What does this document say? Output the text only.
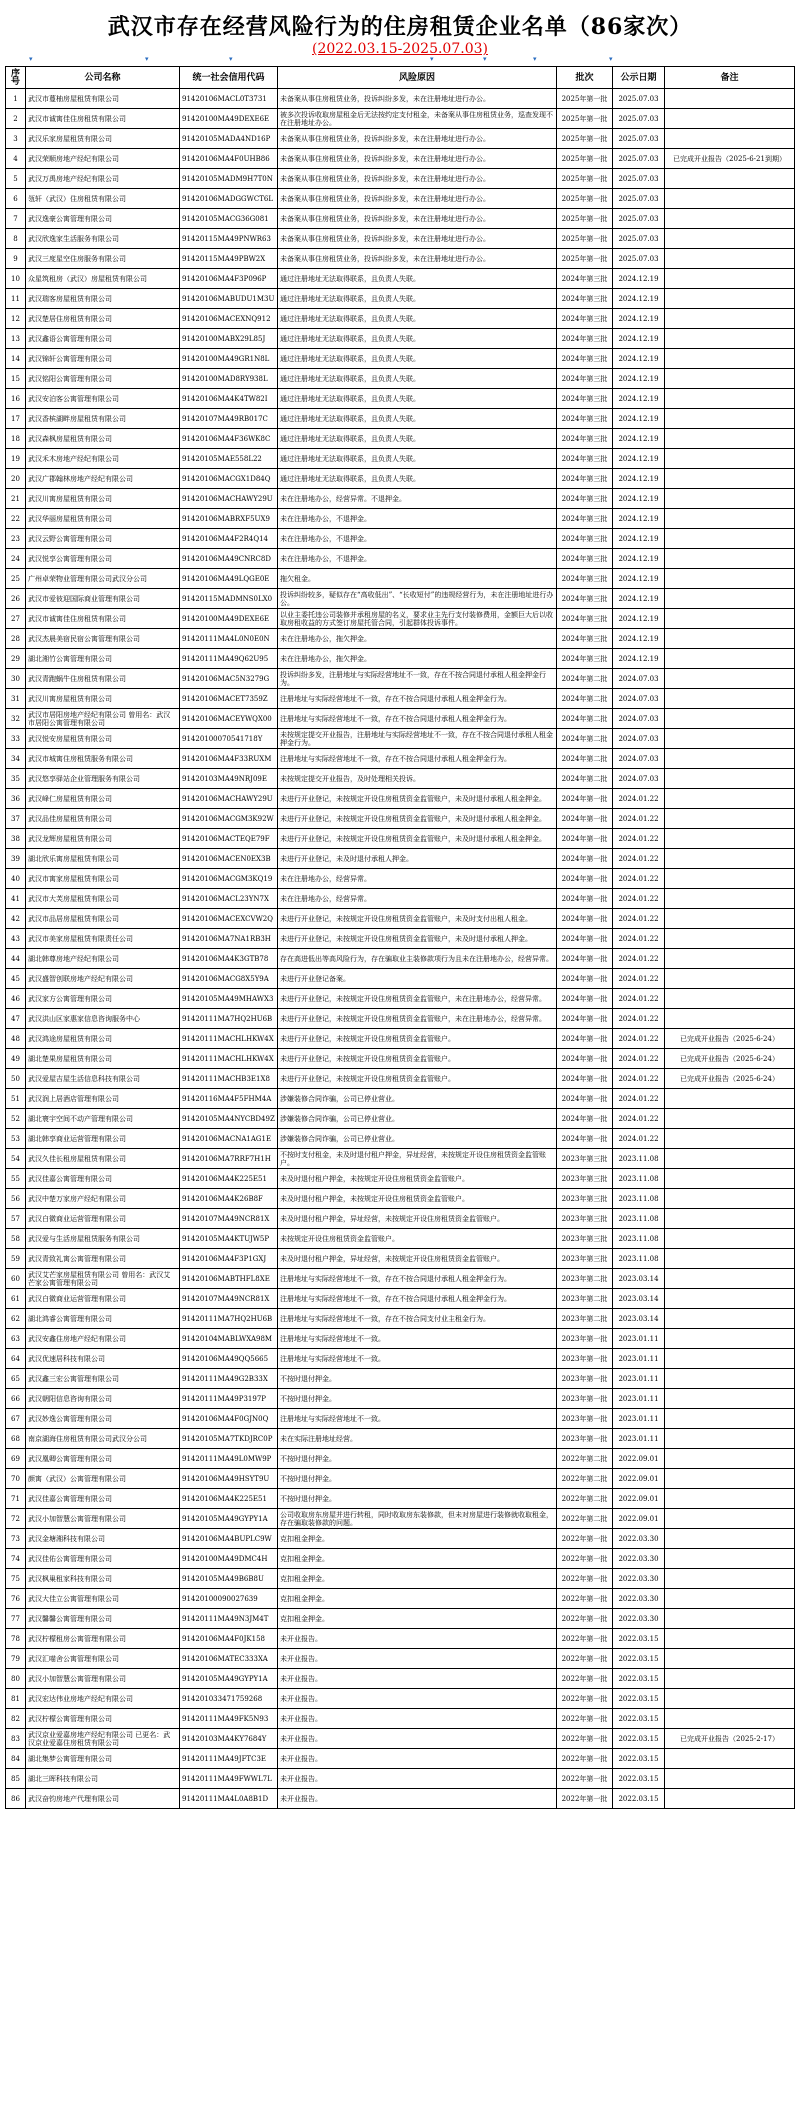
武汉市存在经营风险行为的住房租赁企业名单（86家次）
(2022.03.15-2025.07.03)
▾	▾	▾	▾	▾	▾	▾
序号	公司名称	统一社会信用代码	风险原因	批次	公示日期	备注
1	武汉市蔓柚房屋租赁有限公司	91420106MACL0T3731	未备案从事住房租赁业务，投诉纠纷多发，未在注册地址进行办公。	2025年第一批	2025.07.03	
2	武汉市诚寓佳住房租赁有限公司	91420100MA49DEXE6E	被多次投诉收取房屋租金后无法按约定支付租金，未备案从事住房租赁业务，巡查发现不在注册地址办公。	2025年第一批	2025.07.03	
3	武汉乐家房屋租赁有限公司	91420105MADA4ND16P	未备案从事住房租赁业务，投诉纠纷多发，未在注册地址进行办公。	2025年第一批	2025.07.03	
4	武汉荣顺房地产经纪有限公司	91420106MA4F0UHB86	未备案从事住房租赁业务，投诉纠纷多发，未在注册地址进行办公。	2025年第一批	2025.07.03	已完成开业报告（2025-6-21到期）
5	武汉万禹房地产经纪有限公司	91420105MADM9H7T0N	未备案从事住房租赁业务，投诉纠纷多发，未在注册地址进行办公。	2025年第一批	2025.07.03	
6	瓴轩（武汉）住房租赁有限公司	91420106MADGGWCT6L	未备案从事住房租赁业务，投诉纠纷多发，未在注册地址进行办公。	2025年第一批	2025.07.03	
7	武汉逸豪公寓管理有限公司	91420105MACG36G081	未备案从事住房租赁业务，投诉纠纷多发，未在注册地址进行办公。	2025年第一批	2025.07.03	
8	武汉欣逸家生活服务有限公司	91420115MA49PNWR63	未备案从事住房租赁业务，投诉纠纷多发，未在注册地址进行办公。	2025年第一批	2025.07.03	
9	武汉三度星空住房服务有限公司	91420115MA49PBW2X	未备案从事住房租赁业务，投诉纠纷多发，未在注册地址进行办公。	2025年第一批	2025.07.03	
10	众星筑租房（武汉）房屋租赁有限公司	91420106MA4F3P096P	通过注册地址无法取得联系，且负责人失联。	2024年第三批	2024.12.19	
11	武汉瑞客房屋租赁有限公司	91420106MABUDU1M3U	通过注册地址无法取得联系，且负责人失联。	2024年第三批	2024.12.19	
12	武汉楚居住房租赁有限公司	91420106MACEXNQ912	通过注册地址无法取得联系，且负责人失联。	2024年第三批	2024.12.19	
13	武汉鑫语公寓管理有限公司	91420100MABX29L85J	通过注册地址无法取得联系，且负责人失联。	2024年第三批	2024.12.19	
14	武汉锦轩公寓管理有限公司	91420100MA49GR1N8L	通过注册地址无法取得联系，且负责人失联。	2024年第三批	2024.12.19	
15	武汉铭阳公寓管理有限公司	91420100MAD8RY938L	通过注册地址无法取得联系，且负责人失联。	2024年第三批	2024.12.19	
16	武汉安泊客公寓管理有限公司	91420106MA4K4TW82I	通过注册地址无法取得联系，且负责人失联。	2024年第三批	2024.12.19	
17	武汉香槟湖畔房屋租赁有限公司	91420107MA49RB017C	通过注册地址无法取得联系，且负责人失联。	2024年第三批	2024.12.19	
18	武汉森枫房屋租赁有限公司	91420106MA4F36WK8C	通过注册地址无法取得联系，且负责人失联。	2024年第三批	2024.12.19	
19	武汉禾木房地产经纪有限公司	91420105MAE558L22	通过注册地址无法取得联系，且负责人失联。	2024年第三批	2024.12.19	
20	武汉广郡翰林房地产经纪有限公司	91420106MACGX1D84Q	通过注册地址无法取得联系，且负责人失联。	2024年第三批	2024.12.19	
21	武汉川寓房屋租赁有限公司	91420106MACHAWY29U	未在注册地办公，经营异常。不退押金。	2024年第三批	2024.12.19	
22	武汉华丽房屋租赁有限公司	91420106MABRXF5UX9	未在注册地办公，不退押金。	2024年第三批	2024.12.19	
23	武汉云野公寓管理有限公司	91420106MA4F2R4Q14	未在注册地办公，不退押金。	2024年第三批	2024.12.19	
24	武汉悦享公寓管理有限公司	91420106MA49CNRC8D	未在注册地办公，不退押金。	2024年第三批	2024.12.19	
25	广州卓荣物业管理有限公司武汉分公司	91420106MA49LQGE0E	拖欠租金。	2024年第三批	2024.12.19	
26	武汉市爱彼迎国际商业管理有限公司	91420115MADMNS0LX0	投诉纠纷较多，疑似存在“高收低出”、“长收短付”的违规经营行为，未在注册地址进行办公。	2024年第三批	2024.12.19	
27	武汉市诚寓佳住房租赁有限公司	91420100MA49DEXE6E	以业主委托违公司装修并承租房屋的名义，要求业主先行支付装修费用，金额巨大后以收取房租收益的方式签订房屋托管合同，引起群体投诉事件。	2024年第三批	2024.12.19	
28	武汉杰晨美宿民宿公寓管理有限公司	91420111MA4L0N0E0N	未在注册地办公，拖欠押金。	2024年第三批	2024.12.19	
29	湖北湘竹公寓管理有限公司	91420111MA49Q62U95	未在注册地办公，拖欠押金。	2024年第三批	2024.12.19	
30	武汉青跑蜗牛住房租赁有限公司	91420106MAC5N3279G	投诉纠纷多发，注册地址与实际经营地址不一致，存在不按合同退付承租人租金押金行为。	2024年第二批	2024.07.03	
31	武汉川寓房屋租赁有限公司	91420106MACET7359Z	注册地址与实际经营地址不一致，存在不按合同退付承租人租金押金行为。	2024年第二批	2024.07.03	
32	武汉市居阳房地产经纪有限公司 曾用名：武汉市居阳公寓管理有限公司	91420106MACEYWQX00	注册地址与实际经营地址不一致，存在不按合同退付承租人租金押金行为。	2024年第二批	2024.07.03	
33	武汉悦安房屋租赁有限公司	91420100070541718Y	未按规定提交开业报告，注册地址与实际经营地址不一致，存在不按合同退付承租人租金押金行为。	2024年第二批	2024.07.03	
34	武汉市城寓住房租赁服务有限公司	91420106MA4F33RUXM	注册地址与实际经营地址不一致，存在不按合同退付承租人租金押金行为。	2024年第二批	2024.07.03	
35	武汉悠享驿站企业管理服务有限公司	91420103MA49NRJ09E	未按规定提交开业报告，及时处理相关投诉。	2024年第二批	2024.07.03	
36	武汉峰仁房屋租赁有限公司	91420106MACHAWY29U	未进行开业登记，未按规定开设住房租赁资金监管账户，未及时退付承租人租金押金。	2024年第一批	2024.01.22	
37	武汉品佳房屋租赁有限公司	91420106MACGM3K92W	未进行开业登记，未按规定开设住房租赁资金监管账户，未及时退付承租人租金押金。	2024年第一批	2024.01.22	
38	武汉龙辉房屋租赁有限公司	91420106MACTEQE79F	未进行开业登记，未按规定开设住房租赁资金监管账户，未及时退付承租人租金押金。	2024年第一批	2024.01.22	
39	湖北欣乐寓房屋租赁有限公司	91420106MACEN0EX3B	未进行开业登记，未及时退付承租人押金。	2024年第一批	2024.01.22	
40	武汉市寓家房屋租赁有限公司	91420106MACGM3KQ19	未在注册地办公，经营异常。	2024年第一批	2024.01.22	
41	武汉市大芙房屋租赁有限公司	91420106MACL23YN7X	未在注册地办公，经营异常。	2024年第一批	2024.01.22	
42	武汉市品居房屋租赁有限公司	91420106MACEXCVW2Q	未进行开业登记，未按规定开设住房租赁资金监管账户，未及时支付出租人租金。	2024年第一批	2024.01.22	
43	武汉市美家房屋租赁有限责任公司	91420106MA7NA1RB3H	未进行开业登记，未按规定开设住房租赁资金监管账户，未及时退付承租人押金。	2024年第一批	2024.01.22	
44	湖北韩尊房地产经纪有限公司	91420106MA4K3GTB78	存在高进低出等高风险行为，存在骗取业主装修款项行为且未在注册地办公，经营异常。	2024年第一批	2024.01.22	
45	武汉盛智创联房地产经纪有限公司	91420106MACG8X5Y9A	未进行开业登记备案。	2024年第一批	2024.01.22	
46	武汉家方公寓管理有限公司	91420105MA49MHAWX3	未进行开业登记，未按规定开设住房租赁资金监管账户，未在注册地办公，经营异常。	2024年第一批	2024.01.22	
47	武汉洪山区家惠家信息咨询服务中心	91420111MA7HQ2HU6B	未进行开业登记，未按规定开设住房租赁资金监管账户，未在注册地办公，经营异常。	2024年第一批	2024.01.22	
48	武汉鸿途房屋租赁有限公司	91420111MACHLHKW4X	未进行开业登记，未按规定开设住房租赁资金监管账户。	2024年第一批	2024.01.22	已完成开业报告（2025-6-24）
49	湖北楚果房屋租赁有限公司	91420111MACHLHKW4X	未进行开业登记，未按规定开设住房租赁资金监管账户。	2024年第一批	2024.01.22	已完成开业报告（2025-6-24）
50	武汉爱屋吉屋生活信息科技有限公司	91420111MACHB3E1X8	未进行开业登记，未按规定开设住房租赁资金监管账户。	2024年第一批	2024.01.22	已完成开业报告（2025-6-24）
51	武汉润上居酒店管理有限公司	91420116MA4F5FHM4A	涉嫌装修合同诈骗，公司已停业营业。	2024年第一批	2024.01.22	
52	湖北寰宇空间不动产管理有限公司	91420105MA4NYCBD49Z	涉嫌装修合同诈骗，公司已停业营业。	2024年第一批	2024.01.22	
53	湖北韩享商业运营管理有限公司	91420106MACNA1AG1E	涉嫌装修合同诈骗，公司已停业营业。	2024年第一批	2024.01.22	
54	武汉久佳长租房屋租赁有限公司	91420106MA7RRF7H1H	不按时支付租金，未及时退付租户押金，异址经营，未按规定开设住房租赁资金监管账户。	2023年第三批	2023.11.08	
55	武汉佳嘉公寓管理有限公司	91420106MA4K225E51	未及时退付租户押金，未按规定开设住房租赁资金监管账户。	2023年第三批	2023.11.08	
56	武汉中楚万家房产经纪有限公司	91420106MA4K26B8F	未及时退付租户押金，未按规定开设住房租赁资金监管账户。	2023年第三批	2023.11.08	
57	武汉白微商业运营管理有限公司	91420107MA49NCR81X	未及时退付租户押金，异址经营，未按规定开设住房租赁资金监管账户。	2023年第三批	2023.11.08	
58	武汉爱与生活房屋租赁服务有限公司	91420105MA4KTUJW5P	未按规定开设住房租赁资金监管账户。	2023年第三批	2023.11.08	
59	武汉青致礼寓公寓管理有限公司	91420106MA4F3P1GXJ	未及时退付租户押金，异址经营，未按规定开设住房租赁资金监管账户。	2023年第三批	2023.11.08	
60	武汉艾芒家房屋租赁有限公司 曾用名：武汉艾芒家公寓管理有限公司	91420106MABTHFL8XE	注册地址与实际经营地址不一致，存在不按合同退付承租人租金押金行为。	2023年第二批	2023.03.14	
61	武汉白微商业运营管理有限公司	91420107MA49NCR81X	注册地址与实际经营地址不一致，存在不按合同退付承租人租金押金行为。	2023年第二批	2023.03.14	
62	湖北鸿睿公寓管理有限公司	91420111MA7HQ2HU6B	注册地址与实际经营地址不一致，存在不按合同支付业主租金行为。	2023年第二批	2023.03.14	
63	武汉安鑫住房地产经纪有限公司	91420104MABLWXA98M	注册地址与实际经营地址不一致。	2023年第一批	2023.01.11	
64	武汉优速居科技有限公司	91420106MA49QQ5665	注册地址与实际经营地址不一致。	2023年第一批	2023.01.11	
65	武汉鑫三宏公寓管理有限公司	91420111MA49G2B33X	不按时退付押金。	2023年第一批	2023.01.11	
66	武汉朝阳信息咨询有限公司	91420111MA49P3197P	不按时退付押金。	2023年第一批	2023.01.11	
67	武汉妙逸公寓管理有限公司	91420106MA4F0GJN0Q	注册地址与实际经营地址不一致。	2023年第一批	2023.01.11	
68	南京湖海住房租赁有限公司武汉分公司	91420105MA7TKDJRC0P	未在实际注册地址经营。	2023年第一批	2023.01.11	
69	武汉凰卿公寓管理有限公司	91420111MA49L0MW9P	不按时退付押金。	2022年第二批	2022.09.01	
70	颜寓（武汉）公寓管理有限公司	91420106MA49HSYT9U	不按时退付押金。	2022年第二批	2022.09.01	
71	武汉佳嘉公寓管理有限公司	91420106MA4K225E51	不按时退付押金。	2022年第二批	2022.09.01	
72	武汉小加智慧公寓管理有限公司	91420105MA49GYPY1A	公司收取房东房屋并进行转租，同时收取房东装修款，但未对房屋进行装修就收取租金，存在骗取装修款的问题。	2022年第二批	2022.09.01	
73	武汉金塘湘科技有限公司	91420106MA4BUPLC9W	克扣租金押金。	2022年第一批	2022.03.30	
74	武汉佳佑公寓管理有限公司	91420100MA49DMC4H	克扣租金押金。	2022年第一批	2022.03.30	
75	武汉枫巢租家科技有限公司	91420105MA49B6B8U	克扣租金押金。	2022年第一批	2022.03.30	
76	武汉大佳立公寓管理有限公司	91420100090027639	克扣租金押金。	2022年第一批	2022.03.30	
77	武汉馨馨公寓管理有限公司	91420111MA49N3JM4T	克扣租金押金。	2022年第一批	2022.03.30	
78	武汉柠檬租房公寓管理有限公司	91420106MA4F0JK158	未开业报告。	2022年第一批	2022.03.15	
79	武汉汇喵舍公寓管理有限公司	91420106MATEC333XA	未开业报告。	2022年第一批	2022.03.15	
80	武汉小加智慧公寓管理有限公司	91420105MA49GYPY1A	未开业报告。	2022年第一批	2022.03.15	
81	武汉宏达伟业房地产经纪有限公司	914201033471759268	未开业报告。	2022年第一批	2022.03.15	
82	武汉柠檬公寓管理有限公司	91420111MA49FK5N93	未开业报告。	2022年第一批	2022.03.15	
83	武汉京业爱嘉房地产经纪有限公司 已更名：武汉京业爱嘉住房租赁有限公司	91420103MA4KY7684Y	未开业报告。	2022年第一批	2022.03.15	已完成开业报告（2025-2-17）
84	湖北集梦公寓管理有限公司	91420111MA49JFTC3E	未开业报告。	2022年第一批	2022.03.15	
85	湖北三晖科技有限公司	91420111MA49FWWL7L	未开业报告。	2022年第一批	2022.03.15	
86	武汉奋钧房地产代理有限公司	91420111MA4L0A8B1D	未开业报告。	2022年第一批	2022.03.15	
